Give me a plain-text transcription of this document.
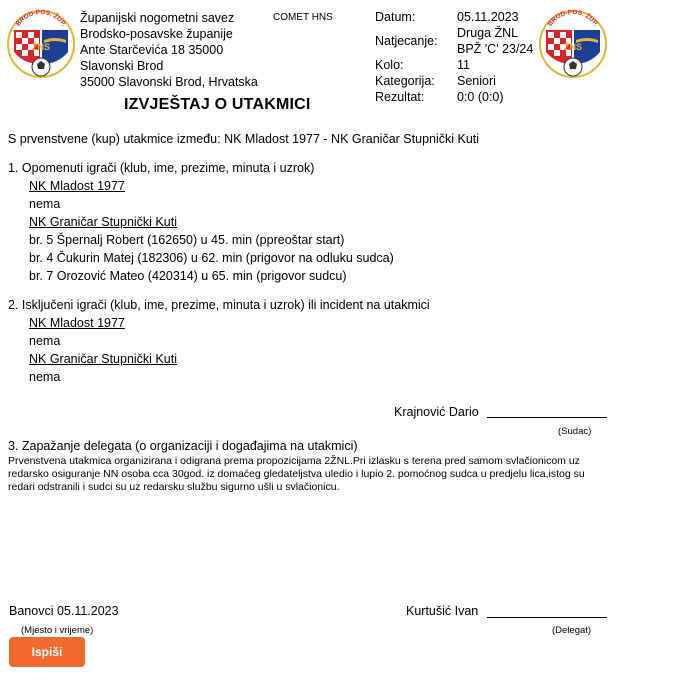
BROD-POS. ŽUP.
ŽNS
BROD-POS. ŽUP.
ŽNS
Županijski nogometni savez
Brodsko-posavske županije
Ante Starčevića 18 35000
Slavonski Brod
35000 Slavonski Brod, Hrvatska
COMET HNS
IZVJEŠTAJ O UTAKMICI
Datum:
Natjecanje:
Kolo:
Kategorija:
Rezultat:
05.11.2023
Druga ŽNL
BPŽ 'C' 23/24
11
Seniori
0:0 (0:0)
S prvenstvene (kup) utakmice između: NK Mladost 1977 - NK Graničar Stupnički Kuti
1. Opomenuti igrači (klub, ime, prezime, minuta i uzrok)
NK Mladost 1977
nema
NK Graničar Stupnički Kuti
br. 5 Špernalj Robert (162650) u 45. min (ppreoštar start)
br. 4 Čukurin Matej (182306) u 62. min (prigovor na odluku sudca)
br. 7 Orozović Mateo (420314) u 65. min (prigovor sudcu)
2. Isključeni igrači (klub, ime, prezime, minuta i uzrok) ili incident na utakmici
NK Mladost 1977
nema
NK Graničar Stupnički Kuti
nema
Krajnović Dario
(Sudac)
3. Zapažanje delegata (o organizaciji i događajima na utakmici)
Prvenstvena utakmica organizirana i odigrana prema propozicijama 2ŽNL.Pri izlasku s terena pred samom svlačionicom uz redarsko osiguranje NN osoba cca 30god. iz domaćeg gledateljstva uledio i lupio 2. pomoćnog sudca u predjelu lica,istog su redari odstranili i sudci su uz redarsku službu sigurno ušli u svlačionicu.
Banovci 05.11.2023
(Mjesto i vrijeme)
Kurtušić Ivan
(Delegat)
Ispiši
